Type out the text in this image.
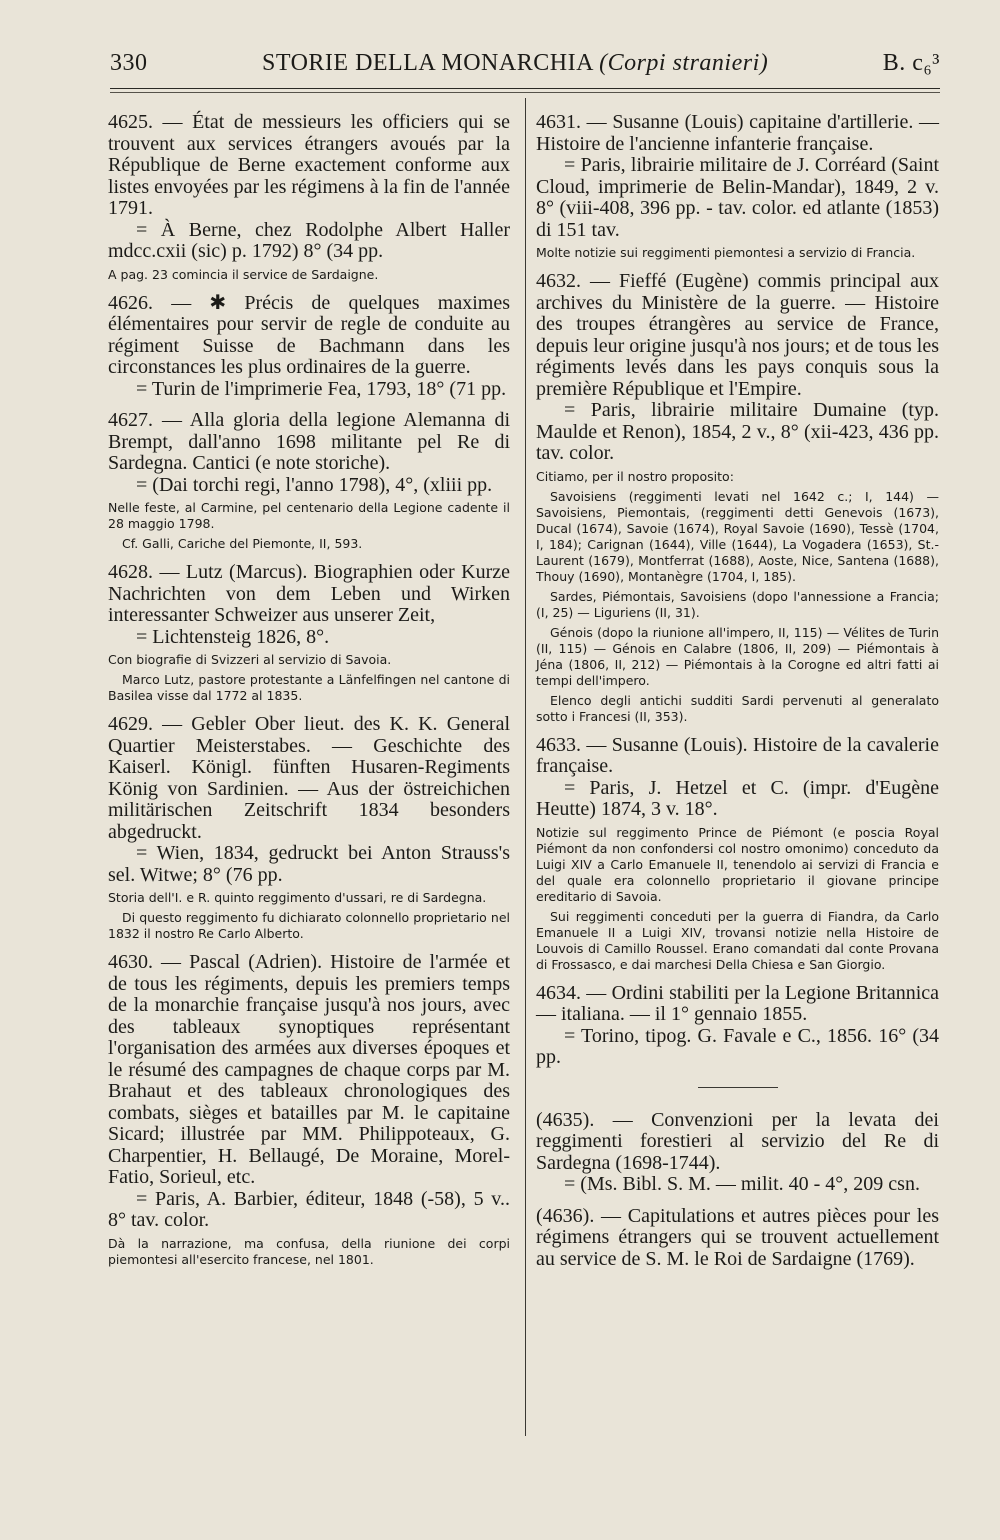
330	STORIE DELLA MONARCHIA (Corpi stranieri)	B. c₆³
4625. — État de messieurs les officiers qui se trouvent aux services étrangers avoués par la République de Berne exactement conforme aux listes envoyées par les régimens à la fin de l'année 1791.
= À Berne, chez Rodolphe Albert Haller mdcc.cxii (sic) p. 1792) 8° (34 pp.
A pag. 23 comincia il service de Sardaigne.
4626. — ✱ Précis de quelques maximes élémentaires pour servir de regle de conduite au régiment Suisse de Bachmann dans les circonstances les plus ordinaires de la guerre.
= Turin de l'imprimerie Fea, 1793, 18° (71 pp.
4627. — Alla gloria della legione Alemanna di Brempt, dall'anno 1698 militante pel Re di Sardegna. Cantici (e note storiche).
= (Dai torchi regi, l'anno 1798), 4°, (xliii pp.
Nelle feste, al Carmine, pel centenario della Legione cadente il 28 maggio 1798.
Cf. Galli, Cariche del Piemonte, II, 593.
4628. — Lutz (Marcus). Biographien oder Kurze Nachrichten von dem Leben und Wirken interessanter Schweizer aus unserer Zeit,
= Lichtensteig 1826, 8°.
Con biografie di Svizzeri al servizio di Savoia.
Marco Lutz, pastore protestante a Länfelfingen nel cantone di Basilea visse dal 1772 al 1835.
4629. — Gebler Ober lieut. des K. K. General Quartier Meisterstabes. — Geschichte des Kaiserl. Königl. fünften Husaren-Regiments König von Sardinien. — Aus der östreichichen militärischen Zeitschrift 1834 besonders abgedruckt.
= Wien, 1834, gedruckt bei Anton Strauss's sel. Witwe; 8° (76 pp.
Storia dell'I. e R. quinto reggimento d'ussari, re di Sardegna.
Di questo reggimento fu dichiarato colonnello proprietario nel 1832 il nostro Re Carlo Alberto.
4630. — Pascal (Adrien). Histoire de l'armée et de tous les régiments, depuis les premiers temps de la monarchie française jusqu'à nos jours, avec des tableaux synoptiques représentant l'organisation des armées aux diverses époques et le résumé des campagnes de chaque corps par M. Brahaut et des tableaux chronologiques des combats, sièges et batailles par M. le capitaine Sicard; illustrée par MM. Philippoteaux, G. Charpentier, H. Bellaugé, De Moraine, Morel-Fatio, Sorieul, etc.
= Paris, A. Barbier, éditeur, 1848 (-58), 5 v.. 8° tav. color.
Dà la narrazione, ma confusa, della riunione dei corpi piemontesi all'esercito francese, nel 1801.
4631. — Susanne (Louis) capitaine d'artillerie. — Histoire de l'ancienne infanterie française.
= Paris, librairie militaire de J. Corréard (Saint Cloud, imprimerie de Belin-Mandar), 1849, 2 v. 8° (viii-408, 396 pp. - tav. color. ed atlante (1853) di 151 tav.
Molte notizie sui reggimenti piemontesi a servizio di Francia.
4632. — Fieffé (Eugène) commis principal aux archives du Ministère de la guerre. — Histoire des troupes étrangères au service de France, depuis leur origine jusqu'à nos jours; et de tous les régiments levés dans les pays conquis sous la première République et l'Empire.
= Paris, librairie militaire Dumaine (typ. Maulde et Renon), 1854, 2 v., 8° (xii-423, 436 pp. tav. color.
Citiamo, per il nostro proposito:
Savoisiens (reggimenti levati nel 1642 c.; I, 144) — Savoisiens, Piemontais, (reggimenti detti Genevois (1673), Ducal (1674), Savoie (1674), Royal Savoie (1690), Tessè (1704, I, 184); Carignan (1644), Ville (1644), La Vogadera (1653), St.-Laurent (1679), Montferrat (1688), Aoste, Nice, Santena (1688), Thouy (1690), Montanègre (1704, I, 185).
Sardes, Piémontais, Savoisiens (dopo l'annessione a Francia; (I, 25) — Liguriens (II, 31).
Génois (dopo la riunione all'impero, II, 115) — Vélites de Turin (II, 115) — Génois en Calabre (1806, II, 209) — Piémontais à Jéna (1806, II, 212) — Piémontais à la Corogne ed altri fatti ai tempi dell'impero.
Elenco degli antichi sudditi Sardi pervenuti al generalato sotto i Francesi (II, 353).
4633. — Susanne (Louis). Histoire de la cavalerie française.
= Paris, J. Hetzel et C. (impr. d'Eugène Heutte) 1874, 3 v. 18°.
Notizie sul reggimento Prince de Piémont (e poscia Royal Piémont da non confondersi col nostro omonimo) conceduto da Luigi XIV a Carlo Emanuele II, tenendolo ai servizi di Francia e del quale era colonnello proprietario il giovane principe ereditario di Savoia.
Sui reggimenti conceduti per la guerra di Fiandra, da Carlo Emanuele II a Luigi XIV, trovansi notizie nella Histoire de Louvois di Camillo Roussel. Erano comandati dal conte Provana di Frossasco, e dai marchesi Della Chiesa e San Giorgio.
4634. — Ordini stabiliti per la Legione Britannica — italiana. — il 1° gennaio 1855.
= Torino, tipog. G. Favale e C., 1856. 16° (34 pp.
(4635). — Convenzioni per la levata dei reggimenti forestieri al servizio del Re di Sardegna (1698-1744).
= (Ms. Bibl. S. M. — milit. 40 - 4°, 209 csn.
(4636). — Capitulations et autres pièces pour les régimens étrangers qui se trouvent actuellement au service de S. M. le Roi de Sardaigne (1769).
